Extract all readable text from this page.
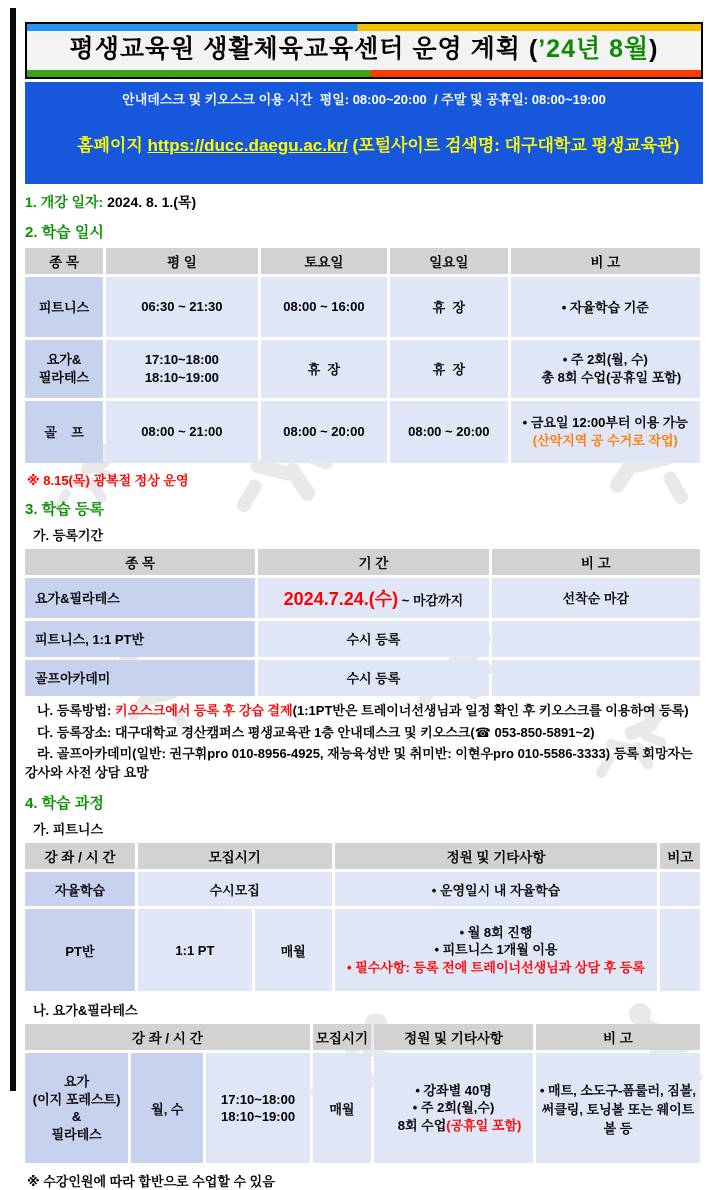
평생교육원 생활체육교육센터 운영 계획 (’24년 8월)
안내데스크 및 키오스크 이용 시간  평일: 08:00~20:00  / 주말 및 공휴일: 08:00~19:00

홈페이지 https://ducc.daegu.ac.kr/ (포털사이트 검색명: 대구대학교 평생교육관)

1. 개강 일자: 2024. 8. 1.(목)
2. 학습 일시
종 목	평 일	토요일	일요일	비 고
피트니스	06:30 ~ 21:30	08:00 ~ 16:00	휴  장	• 자율학습 기준

요가&
필라테스	17:10~18:00
18:10~19:00	휴  장	휴  장	• 주 2회(월, 수)
총 8회 수업(공휴일 포함)

골    프	08:00 ~ 21:00	08:00 ~ 20:00	08:00 ~ 20:00	• 금요일 12:00부터 이용 가능
(산악지역 공 수거로 작업)
※ 8.15(목) 광복절 정상 운영
3. 학습 등록
가. 등록기간
종 목	기 간	비 고
요가&필라테스	2024.7.24.(수) ~ 마감까지	선착순 마감
피트니스, 1:1 PT반	수시 등록	
골프아카데미	수시 등록	
나. 등록방법: 키오스크에서 등록 후 강습 결제(1:1PT반은 트레이너선생님과 일정 확인 후 키오스크를 이용하여 등록)
다. 등록장소: 대구대학교 경산캠퍼스 평생교육관 1층 안내데스크 및 키오스크(☎ 053-850-5891~2)
라. 골프아카데미(일반: 권구휘pro 010-8956-4925, 재능육성반 및 취미반: 이현우pro 010-5586-3333) 등록 회망자는 강사와 사전 상담 요망
4. 학습 과정
가. 피트니스
강 좌 / 시 간	모집시기		정원 및 기타사항	비고
자율학습	수시모집		• 운영일시 내 자율학습	
PT반	1:1 PT	매월	• 월 8회 진행
• 피트니스 1개월 이용
• 필수사항: 등록 전에 트레이너선생님과 상담 후 등록	

나. 요가&필라테스
강 좌 / 시 간			모집시기	정원 및 기타사항	비 고

요가
(이지 포레스트)
&
필라테스	월, 수	17:10~18:00
18:10~19:00	매월	• 강좌별 40명
• 주 2회(월,수)
8회 수업(공휴일 포함)	• 매트, 소도구-폼룰러, 짐볼, 써클링, 토닝볼 또는 웨이트볼 등
※ 수강인원에 따라 합반으로 수업할 수 있음
